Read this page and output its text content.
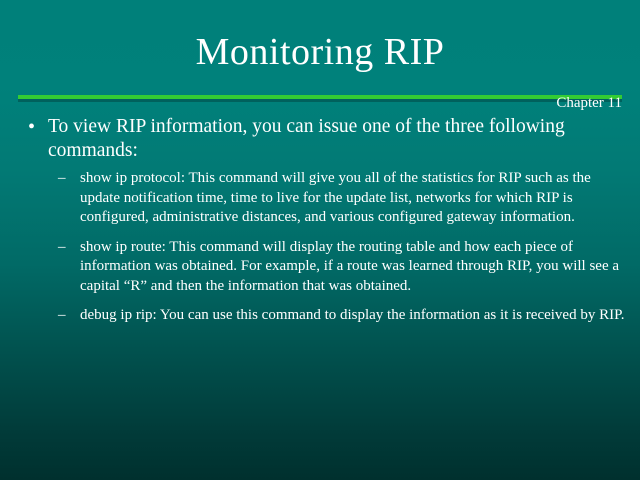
Monitoring RIP
Chapter 11
• To view RIP information, you can issue one of the three following commands:
– show ip protocol: This command will give you all of the statistics for RIP such as the update notification time, time to live for the update list, networks for which RIP is configured, administrative distances, and various configured gateway information.
– show ip route: This command will display the routing table and how each piece of information was obtained. For example, if a route was learned through RIP, you will see a capital “R” and then the information that was obtained.
– debug ip rip: You can use this command to display the information as it is received by RIP.
